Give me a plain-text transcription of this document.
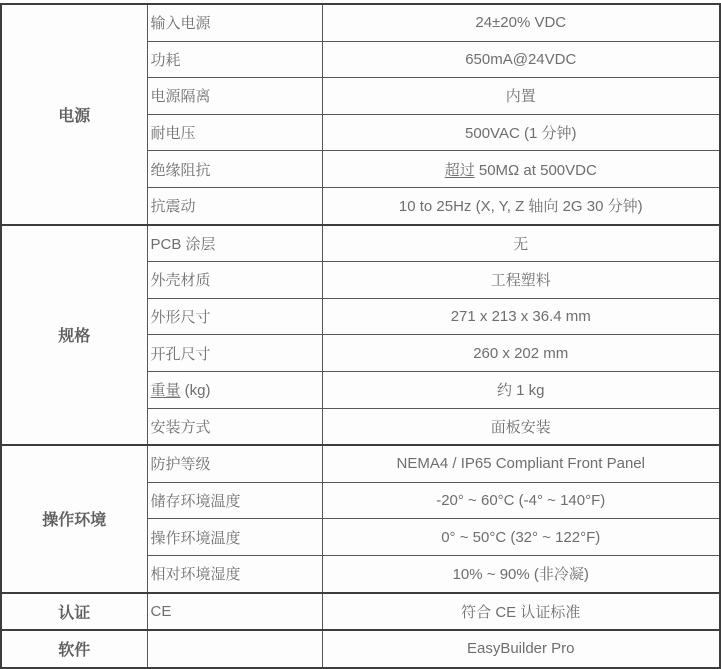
电源	输入电源	24±20% VDC
	功耗	650mA@24VDC
	电源隔离	内置
	耐电压	500VAC (1 分钟)
	绝缘阻抗	超过 50MΩ at 500VDC
	抗震动	10 to 25Hz (X, Y, Z 轴向 2G 30 分钟)
规格	PCB 涂层	无
	外壳材质	工程塑料
	外形尺寸	271 x 213 x 36.4 mm
	开孔尺寸	260 x 202 mm
	重量 (kg)	约 1 kg
	安装方式	面板安装
操作环境	防护等级	NEMA4 / IP65 Compliant Front Panel
	储存环境温度	-20° ~ 60°C (-4° ~ 140°F)
	操作环境温度	0° ~ 50°C (32° ~ 122°F)
	相对环境湿度	10% ~ 90% (非冷凝)
认证	CE	符合 CE 认证标准
软件		EasyBuilder Pro
